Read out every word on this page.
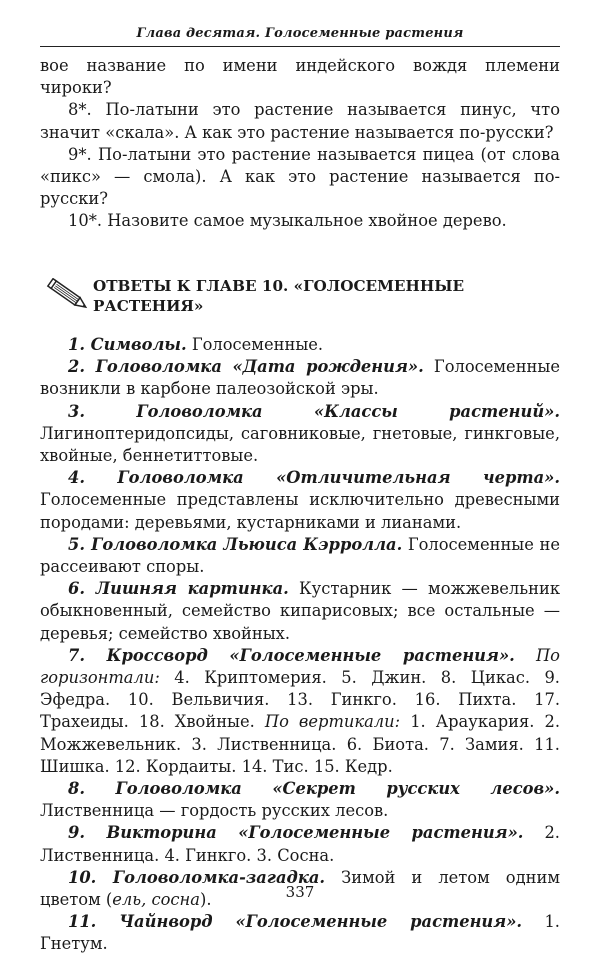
Глава десятая. Голосеменные растения

вое название по имени индейского вождя племени чироки?

8*. По-латыни это растение называется пинус, что значит «скала». А как это растение называется по-русски?

9*. По-латыни это растение называется пицеа (от слова «пикс» — смола). А как это растение называется по-русски?

10*. Назовите самое музыкальное хвойное дерево.

ОТВЕТЫ К ГЛАВЕ 10. «ГОЛОСЕМЕННЫЕ РАСТЕНИЯ»

1. Символы. Голосеменные.

2. Головоломка «Дата рождения». Голосеменные возникли в карбоне палеозойской эры.

3. Головоломка «Классы растений». Лигиноптеридопсиды, саговниковые, гнетовые, гинкговые, хвойные, беннетиттовые.

4. Головоломка «Отличительная черта». Голосеменные представлены исключительно древесными породами: деревьями, кустарниками и лианами.

5. Головоломка Льюиса Кэрролла. Голосеменные не рассеивают споры.

6. Лишняя картинка. Кустарник — можжевельник обыкновенный, семейство кипарисовых; все остальные — деревья; семейство хвойных.

7. Кроссворд «Голосеменные растения». По горизонтали: 4. Криптомерия. 5. Джин. 8. Цикас. 9. Эфедра. 10. Вельвичия. 13. Гинкго. 16. Пихта. 17. Трахеиды. 18. Хвойные. По вертикали: 1. Араукария. 2. Можжевельник. 3. Лиственница. 6. Биота. 7. Замия. 11. Шишка. 12. Кордаиты. 14. Тис. 15. Кедр.

8. Головоломка «Секрет русских лесов». Лиственница — гордость русских лесов.

9. Викторина «Голосеменные растения». 2. Лиственница. 4. Гинкго. 3. Сосна.

10. Головоломка-загадка. Зимой и летом одним цветом (ель, сосна).

11. Чайнворд «Голосеменные растения». 1. Гнетум.

337
